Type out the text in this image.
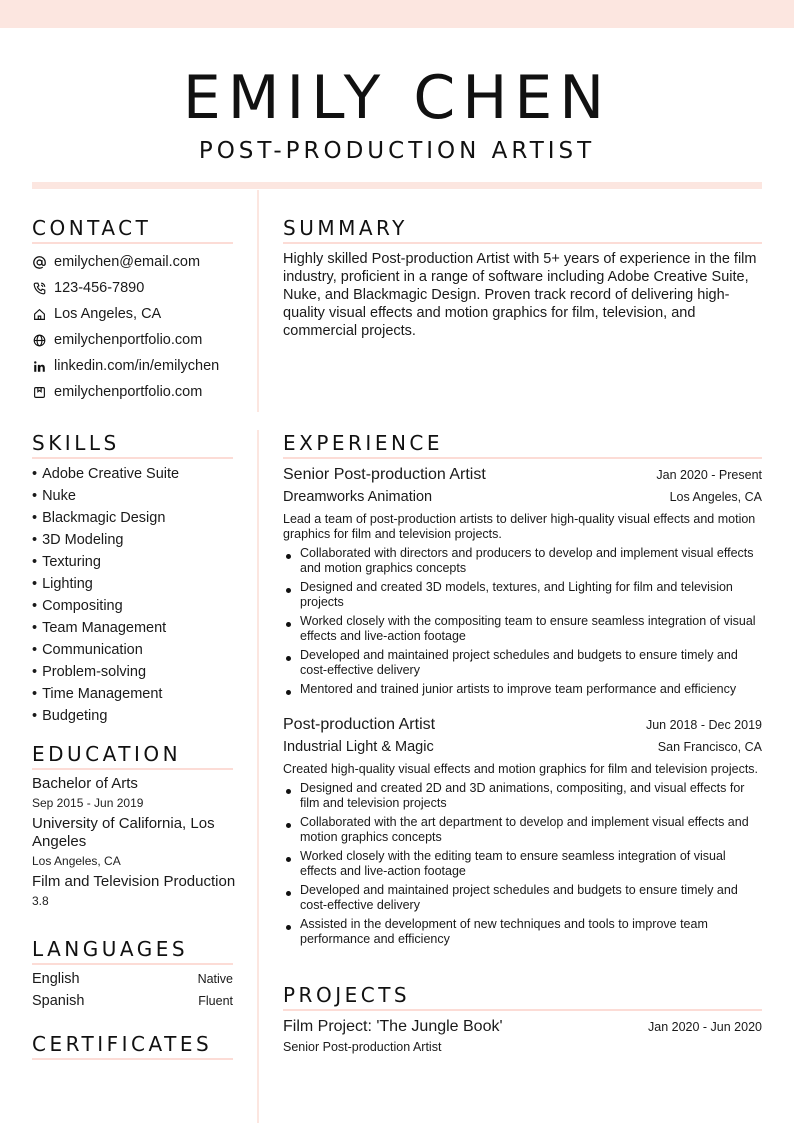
EMILY CHEN
POST-PRODUCTION ARTIST
CONTACT
emilychen@email.com
123-456-7890
Los Angeles, CA
emilychenportfolio.com
linkedin.com/in/emilychen
emilychenportfolio.com
SUMMARY

Highly skilled Post-production Artist with 5+ years of experience in the film industry, proficient in a range of software including Adobe Creative Suite, Nuke, and Blackmagic Design. Proven track record of delivering high-quality visual effects and motion graphics for film, television, and commercial projects.

SKILLS
• Adobe Creative Suite
• Nuke
• Blackmagic Design
• 3D Modeling
• Texturing
• Lighting
• Compositing
• Team Management
• Communication
• Problem-solving
• Time Management
• Budgeting
EDUCATION

Bachelor of Arts

Sep 2015 - Jun 2019

University of California, Los Angeles

Los Angeles, CA

Film and Television Production

3.8

LANGUAGES
English	Native
Spanish	Fluent
CERTIFICATES
EXPERIENCE
Senior Post-production Artist	Jan 2020 - Present
Dreamworks Animation	Los Angeles, CA

Lead a team of post-production artists to deliver high-quality visual effects and motion graphics for film and television projects.

Collaborated with directors and producers to develop and implement visual effects and motion graphics concepts
Designed and created 3D models, textures, and Lighting for film and television projects
Worked closely with the compositing team to ensure seamless integration of visual effects and live-action footage
Developed and maintained project schedules and budgets to ensure timely and cost-effective delivery
Mentored and trained junior artists to improve team performance and efficiency
Post-production Artist	Jun 2018 - Dec 2019
Industrial Light & Magic	San Francisco, CA

Created high-quality visual effects and motion graphics for film and television projects.

Designed and created 2D and 3D animations, compositing, and visual effects for film and television projects
Collaborated with the art department to develop and implement visual effects and motion graphics concepts
Worked closely with the editing team to ensure seamless integration of visual effects and live-action footage
Developed and maintained project schedules and budgets to ensure timely and cost-effective delivery
Assisted in the development of new techniques and tools to improve team performance and efficiency
PROJECTS
Film Project: 'The Jungle Book'	Jan 2020 - Jun 2020
Senior Post-production Artist
